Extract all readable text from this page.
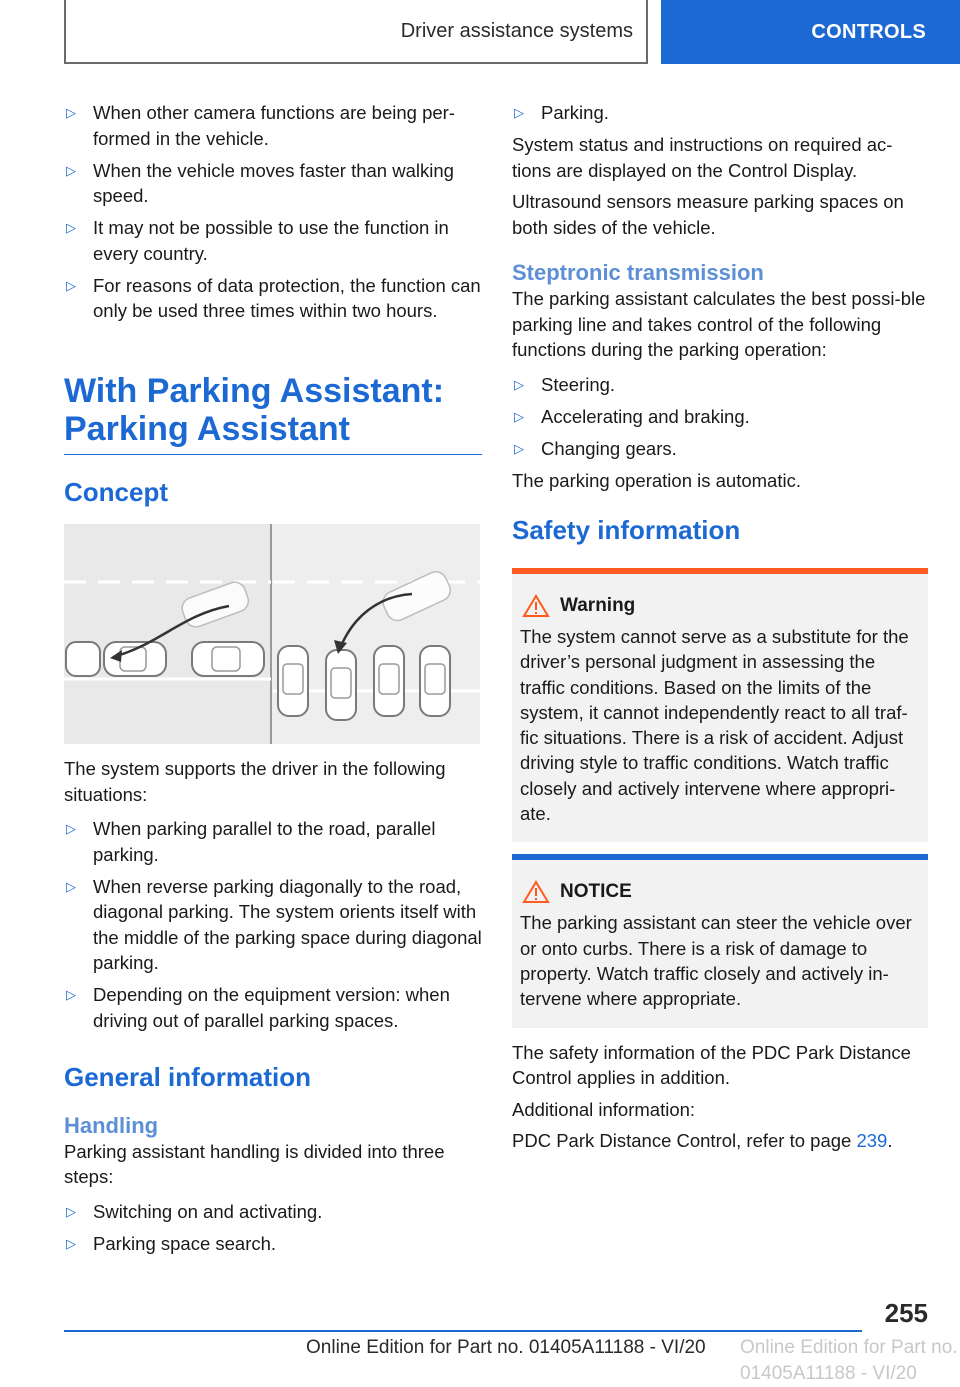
Driver assistance systems	CONTROLS
▷ When other camera functions are being per-formed in the vehicle.
▷ When the vehicle moves faster than walking speed.
▷ It may not be possible to use the function in every country.
▷ For reasons of data protection, the function can only be used three times within two hours.
With Parking Assistant: Parking Assistant
Concept

The system supports the driver in the following situations:

▷ When parking parallel to the road, parallel parking.
▷ When reverse parking diagonally to the road, diagonal parking. The system orients itself with the middle of the parking space during diagonal parking.
▷ Depending on the equipment version: when driving out of parallel parking spaces.
General information
Handling

Parking assistant handling is divided into three steps:

▷ Switching on and activating.
▷ Parking space search.
▷ Parking.

System status and instructions on required ac-tions are displayed on the Control Display.

Ultrasound sensors measure parking spaces on both sides of the vehicle.

Steptronic transmission

The parking assistant calculates the best possi-ble parking line and takes control of the following functions during the parking operation:

▷ Steering.
▷ Accelerating and braking.
▷ Changing gears.

The parking operation is automatic.

Safety information
Warning
The system cannot serve as a substitute for the driver’s personal judgment in assessing the traffic conditions. Based on the limits of the system, it cannot independently react to all traf-fic situations. There is a risk of accident. Adjust driving style to traffic conditions. Watch traffic closely and actively intervene where appropri-ate.
NOTICE
The parking assistant can steer the vehicle over or onto curbs. There is a risk of damage to property. Watch traffic closely and actively in-tervene where appropriate.

The safety information of the PDC Park Distance Control applies in addition.

Additional information:

PDC Park Distance Control, refer to page 239.

255
Online Edition for Part no. 01405A11188 - VI/20 Online Edition for Part no. 01405A11188 - VI/20
